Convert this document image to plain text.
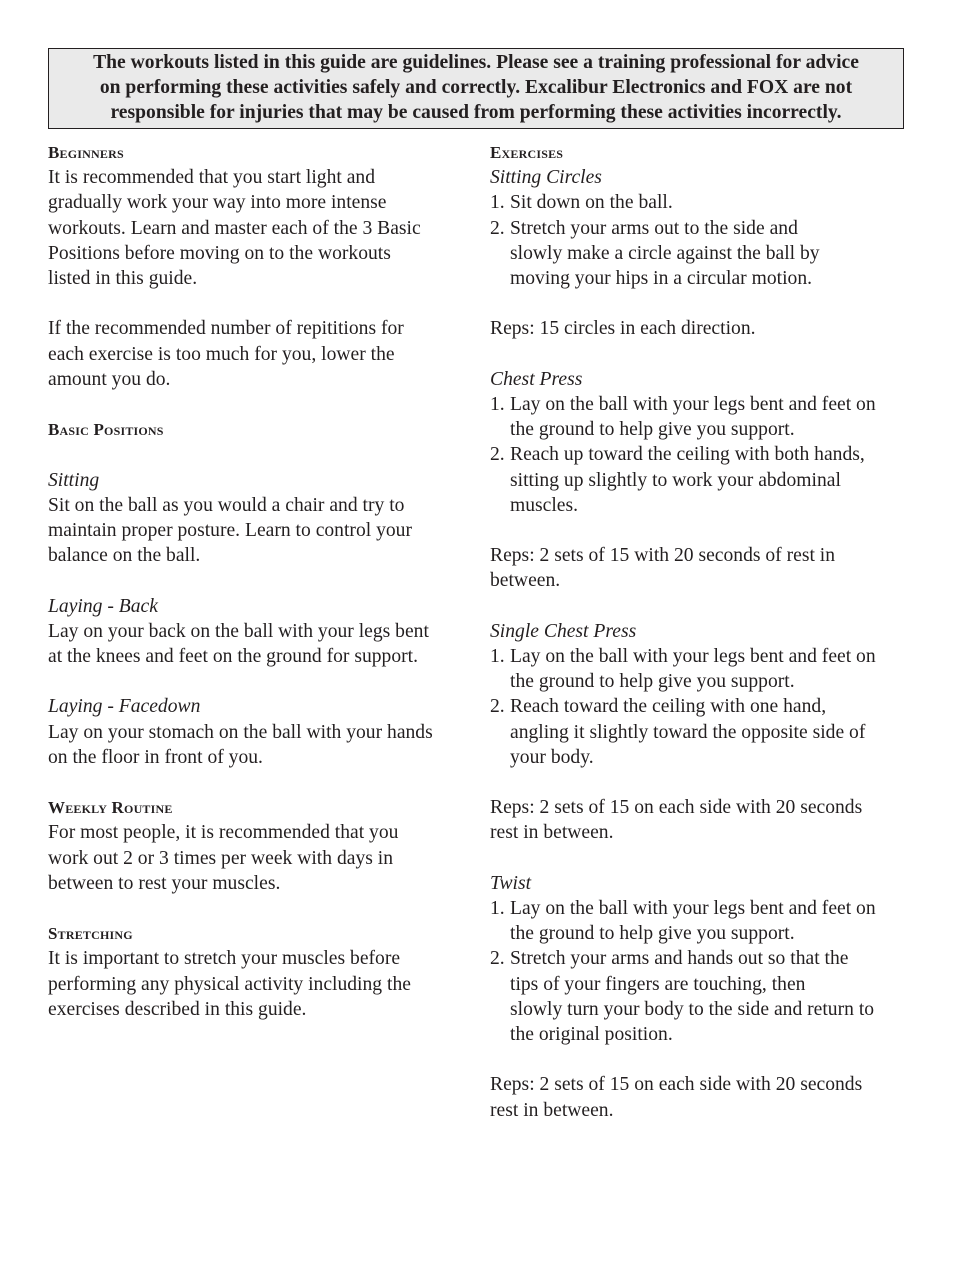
The workouts listed in this guide are guidelines. Please see a training professional for advice
on performing these activities safely and correctly. Excalibur Electronics and FOX are not
responsible for injuries that may be caused from performing these activities incorrectly.
Beginners
It is recommended that you start light and
gradually work your way into more intense
workouts. Learn and master each of the 3 Basic
Positions before moving on to the workouts
listed in this guide.
If the recommended number of repititions for
each exercise is too much for you, lower the
amount you do.
Basic Positions
Sitting
Sit on the ball as you would a chair and try to
maintain proper posture. Learn to control your
balance on the ball.
Laying - Back
Lay on your back on the ball with your legs bent
at the knees and feet on the ground for support.
Laying - Facedown
Lay on your stomach on the ball with your hands
on the floor in front of you.
Weekly Routine
For most people, it is recommended that you
work out 2 or 3 times per week with days in
between to rest your muscles.
Stretching
It is important to stretch your muscles before
performing any physical activity including the
exercises described in this guide.
Exercises
Sitting Circles
1. Sit down on the ball.
2. Stretch your arms out to the side and
slowly make a circle against the ball by
moving your hips in a circular motion.
Reps: 15 circles in each direction.
Chest Press
1. Lay on the ball with your legs bent and feet on
the ground to help give you support.
2. Reach up toward the ceiling with both hands,
sitting up slightly to work your abdominal
muscles.
Reps: 2 sets of 15 with 20 seconds of rest in
between.
Single Chest Press
1. Lay on the ball with your legs bent and feet on
the ground to help give you support.
2. Reach toward the ceiling with one hand,
angling it slightly toward the opposite side of
your body.
Reps: 2 sets of 15 on each side with 20 seconds
rest in between.
Twist
1. Lay on the ball with your legs bent and feet on
the ground to help give you support.
2. Stretch your arms and hands out so that the
tips of your fingers are touching, then
slowly turn your body to the side and return to
the original position.
Reps: 2 sets of 15 on each side with 20 seconds
rest in between.
